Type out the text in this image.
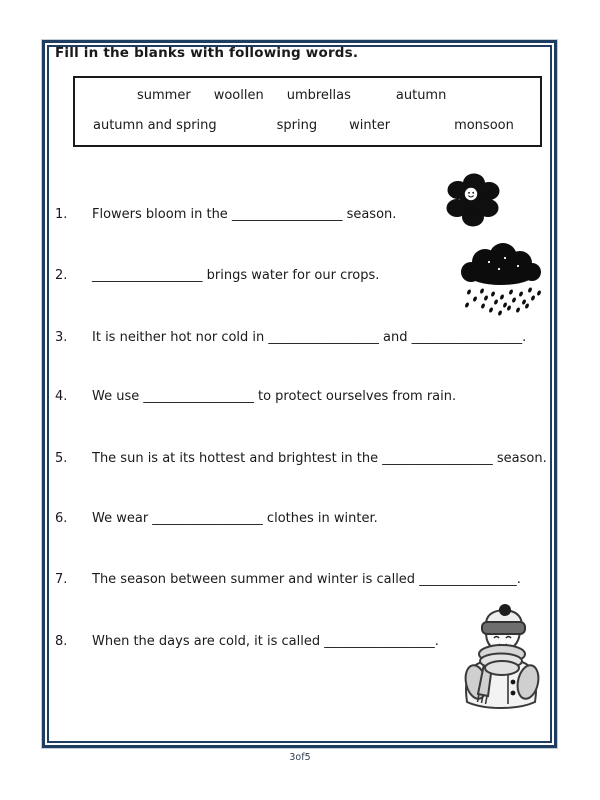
Fill in the blanks with following words.
summer woollen umbrellas	autumn
autumn and spring	spring winter	monsoon
1.	Flowers bloom in the _________________ season.
2.	_________________ brings water for our crops.
3.	It is neither hot nor cold in _________________ and _________________.
4.	We use _________________ to protect ourselves from rain.
5.	The sun is at its hottest and brightest in the _________________ season.
6.	We wear _________________ clothes in winter.
7.	The season between summer and winter is called _______________.
8.	When the days are cold, it is called _________________.
3of5
